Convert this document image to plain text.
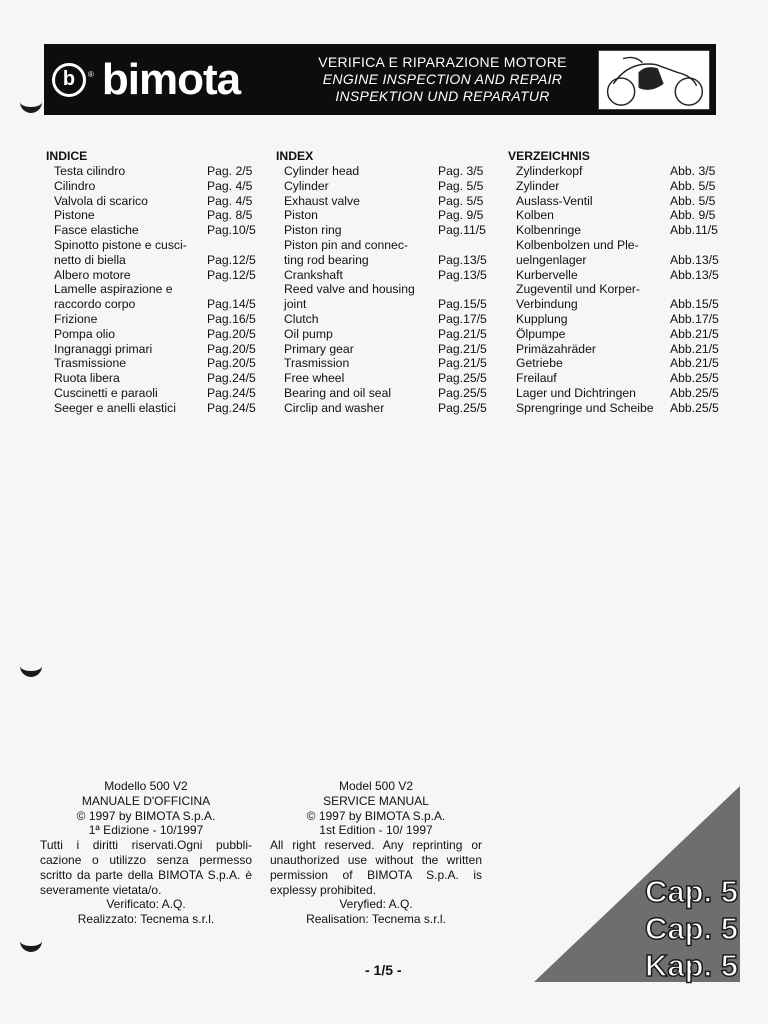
b	® bimota	VERIFICA E RIPARAZIONE MOTORE
ENGINE INSPECTION AND REPAIR
INSPEKTION UND REPARATUR
INDICE
Testa cilindro	Pag. 2/5
Cilindro	Pag. 4/5
Valvola di scarico	Pag. 4/5
Pistone	Pag. 8/5
Fasce elastiche	Pag.10/5
Spinotto pistone e cusci-
netto di biella	Pag.12/5
Albero motore	Pag.12/5
Lamelle aspirazione e
raccordo corpo	Pag.14/5
Frizione	Pag.16/5
Pompa olio	Pag.20/5
Ingranaggi primari	Pag.20/5
Trasmissione	Pag.20/5
Ruota libera	Pag.24/5
Cuscinetti e paraoli	Pag.24/5
Seeger e anelli elastici	Pag.24/5
INDEX
Cylinder head	Pag. 3/5
Cylinder	Pag. 5/5
Exhaust valve	Pag. 5/5
Piston	Pag. 9/5
Piston ring	Pag.11/5
Piston pin and connec-
ting rod bearing	Pag.13/5
Crankshaft	Pag.13/5
Reed valve and housing
joint	Pag.15/5
Clutch	Pag.17/5
Oil pump	Pag.21/5
Primary gear	Pag.21/5
Trasmission	Pag.21/5
Free wheel	Pag.25/5
Bearing and oil seal	Pag.25/5
Circlip and washer	Pag.25/5
VERZEICHNIS
Zylinderkopf	Abb. 3/5
Zylinder	Abb. 5/5
Auslass-Ventil	Abb. 5/5
Kolben	Abb. 9/5
Kolbenringe	Abb.11/5
Kolbenbolzen und Ple-
uelngenlager	Abb.13/5
Kurbervelle	Abb.13/5
Zugeventil und Korper-
Verbindung	Abb.15/5
Kupplung	Abb.17/5
Ölpumpe	Abb.21/5
Primäzahräder	Abb.21/5
Getriebe	Abb.21/5
Freilauf	Abb.25/5
Lager und Dichtringen	Abb.25/5
Sprengringe und Scheibe Abb.25/5
Modello 500 V2
MANUALE D'OFFICINA
© 1997 by BIMOTA S.p.A.
1ª Edizione - 10/1997
Tutti i diritti riservati.Ogni pubbli-cazione o utilizzo senza permesso scritto da parte della BIMOTA S.p.A. è severamente vietata/o.
Verificato: A.Q.
Realizzato: Tecnema s.r.l.
Model 500 V2
SERVICE MANUAL
© 1997 by BIMOTA S.p.A.
1st Edition - 10/ 1997
All right reserved. Any reprinting or unauthorized use without the written permission of BIMOTA S.p.A. is explessy prohibited.
Veryfied: A.Q.
Realisation: Tecnema s.r.l.
- 1/5 -
Cap. 5
Cap. 5
Kap. 5
